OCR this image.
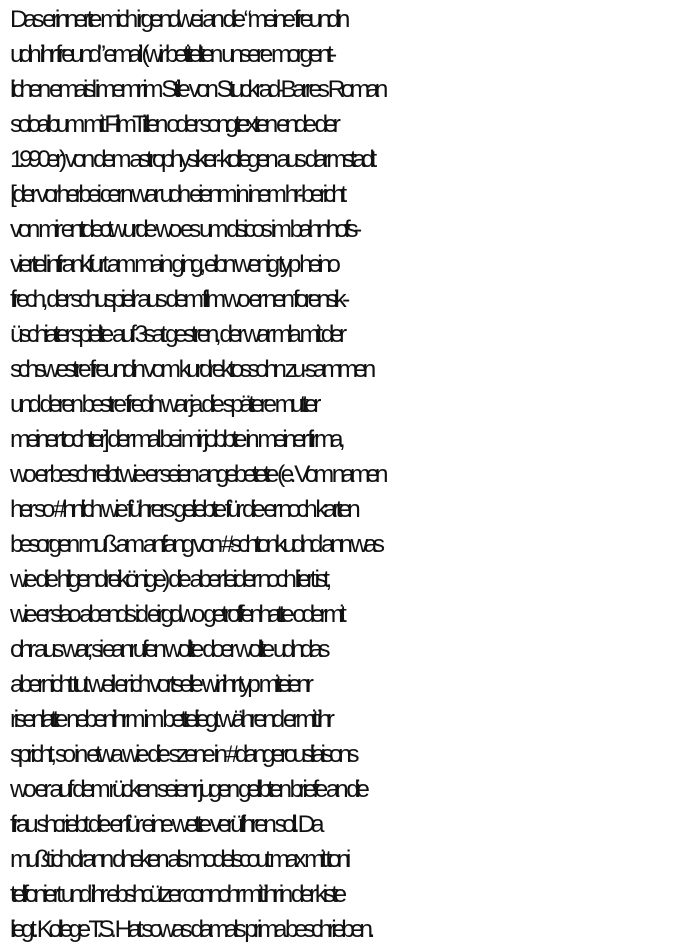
Das erinnerte mich irgendwei an die “meine freundin
udn ihr freund” email (wir betitelten unsere morgent-
lichen emaisl imemr im Stile von Stuckrad-Barres Roman
soloalbum mit FilmTitlen oder songtexten ende der
1990er) von dem astrophysiker-kollegen aus darmstadt
[der vorherbei cern war udn eienm in inem hr-bericht
von mir entdectwurde wo es um dsicos im bahnhofs-
viertel infrankfurt am main ging, eibn wenig typ heino
frech, der schuspielr aus dem film wo er nen forensik-
üschiater spielte auf 3sat gestren, der war mla mit der
schswestre freundin vom kurdrektossohn zu-sammen
und deren bestre fredin war ja die spätere mutter
meiner tochter] der mal bei mir jobbte in meiner firma,
wo er beschreibt wie er seien angebetete (e. Vom namen
her so #hnlich wie führers geliebte für die er noch karten
besorgen muß am anfang von #schtonkudnd ann was
wie die hilgendreikönige) die aber leider noch liiert ist,
wie er slao abends id eirgdwo getroffenhatte odermit
ohr aus war, si eanrufen wollte doer wollte udndas
abernicht tut weil er ich vortselle wir ihr typ miteienr
risenlatte nebenihrm im betteliegt während ermit ihr
spricht, so in etwa wie die szene in #dangerousliaisons
wo er auf dem rücken seienr jugen gelibten briefe an die
frau shcriebt die er für eine wette verüfhren soll. Da
mußt ich drann dneken als modelscout max mit toni
telfoniert und ihr ebshcützer connohr mit ihr in der kiste
liegt. Kollege T.S. Hat sowas damals prima beschrieben.
